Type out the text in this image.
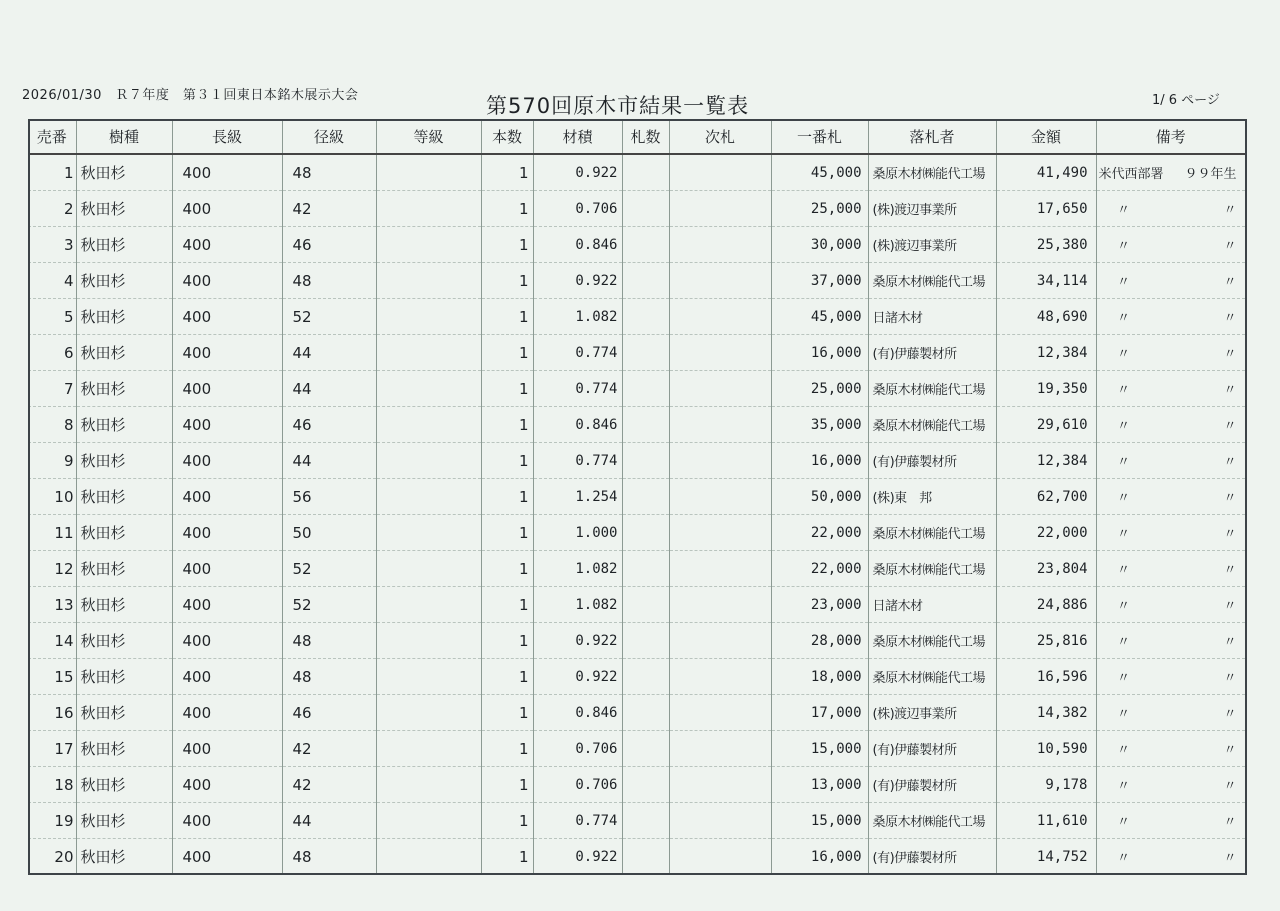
2026/01/30　Ｒ７年度　第３１回東日本銘木展示大会	第570回原木市結果一覧表	1/ 6 ページ
売番	樹種	長級	径級	等級	本数	材積	札数	次札	一番札	落札者	金額	備考
1	秋田杉	400	48		1	0.922			45,000	桑原木材㈱能代工場	41,490	米代西部署 ９９年生
2	秋田杉	400	42		1	0.706			25,000	(株)渡辺事業所	17,650	〃 〃
3	秋田杉	400	46		1	0.846			30,000	(株)渡辺事業所	25,380	〃 〃
4	秋田杉	400	48		1	0.922			37,000	桑原木材㈱能代工場	34,114	〃 〃
5	秋田杉	400	52		1	1.082			45,000	日諸木材	48,690	〃 〃
6	秋田杉	400	44		1	0.774			16,000	(有)伊藤製材所	12,384	〃 〃
7	秋田杉	400	44		1	0.774			25,000	桑原木材㈱能代工場	19,350	〃 〃
8	秋田杉	400	46		1	0.846			35,000	桑原木材㈱能代工場	29,610	〃 〃
9	秋田杉	400	44		1	0.774			16,000	(有)伊藤製材所	12,384	〃 〃
10	秋田杉	400	56		1	1.254			50,000	(株)東　邦	62,700	〃 〃
11	秋田杉	400	50		1	1.000			22,000	桑原木材㈱能代工場	22,000	〃 〃
12	秋田杉	400	52		1	1.082			22,000	桑原木材㈱能代工場	23,804	〃 〃
13	秋田杉	400	52		1	1.082			23,000	日諸木材	24,886	〃 〃
14	秋田杉	400	48		1	0.922			28,000	桑原木材㈱能代工場	25,816	〃 〃
15	秋田杉	400	48		1	0.922			18,000	桑原木材㈱能代工場	16,596	〃 〃
16	秋田杉	400	46		1	0.846			17,000	(株)渡辺事業所	14,382	〃 〃
17	秋田杉	400	42		1	0.706			15,000	(有)伊藤製材所	10,590	〃 〃
18	秋田杉	400	42		1	0.706			13,000	(有)伊藤製材所	9,178	〃 〃
19	秋田杉	400	44		1	0.774			15,000	桑原木材㈱能代工場	11,610	〃 〃
20	秋田杉	400	48		1	0.922			16,000	(有)伊藤製材所	14,752	〃 〃
